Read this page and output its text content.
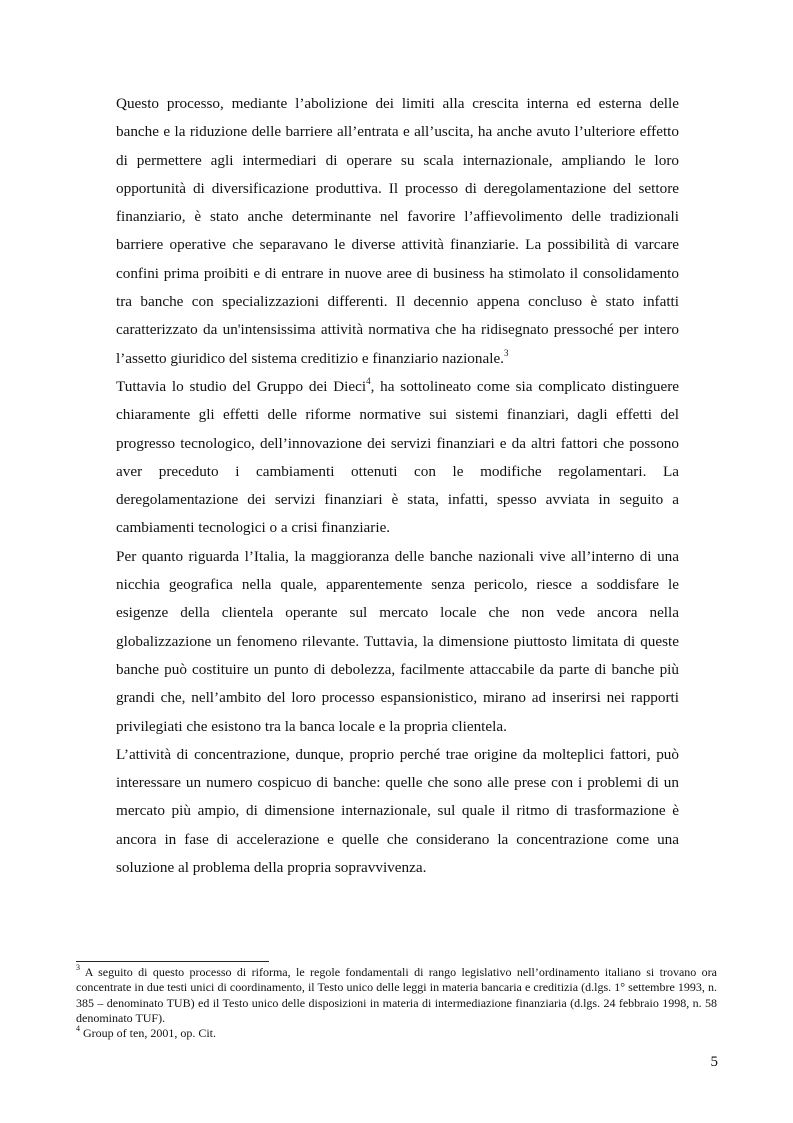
Questo processo, mediante l’abolizione dei limiti alla crescita interna ed esterna delle banche e la riduzione delle barriere all’entrata e all’uscita, ha anche avuto l’ulteriore effetto di permettere agli intermediari di operare su scala internazionale, ampliando le loro opportunità di diversificazione produttiva. Il processo di deregolamentazione del settore finanziario, è stato anche determinante nel favorire l’affievolimento delle tradizionali barriere operative che separavano le diverse attività finanziarie. La possibilità di varcare confini prima proibiti e di entrare in nuove aree di business ha stimolato il consolidamento tra banche con specializzazioni differenti. Il decennio appena concluso è stato infatti caratterizzato da un'intensissima attività normativa che ha ridisegnato pressoché per intero l’assetto giuridico del sistema creditizio e finanziario nazionale.$^3$

Tuttavia lo studio del Gruppo dei Dieci$^4$, ha sottolineato come sia complicato distinguere chiaramente gli effetti delle riforme normative sui sistemi finanziari, dagli effetti del progresso tecnologico, dell’innovazione dei servizi finanziari e da altri fattori che possono aver preceduto i cambiamenti ottenuti con le modifiche regolamentari. La deregolamentazione dei servizi finanziari è stata, infatti, spesso avviata in seguito a cambiamenti tecnologici o a crisi finanziarie.

Per quanto riguarda l’Italia, la maggioranza delle banche nazionali vive all’interno di una nicchia geografica nella quale, apparentemente senza pericolo, riesce a soddisfare le esigenze della clientela operante sul mercato locale che non vede ancora nella globalizzazione un fenomeno rilevante. Tuttavia, la dimensione piuttosto limitata di queste banche può costituire un punto di debolezza, facilmente attaccabile da parte di banche più grandi che, nell’ambito del loro processo espansionistico, mirano ad inserirsi nei rapporti privilegiati che esistono tra la banca locale e la propria clientela.

L’attività di concentrazione, dunque, proprio perché trae origine da molteplici fattori, può interessare un numero cospicuo di banche: quelle che sono alle prese con i problemi di un mercato più ampio, di dimensione internazionale, sul quale il ritmo di trasformazione è ancora in fase di accelerazione e quelle che considerano la concentrazione come una soluzione al problema della propria sopravvivenza.

$^3$ A seguito di questo processo di riforma, le regole fondamentali di rango legislativo nell’ordinamento italiano si trovano ora concentrate in due testi unici di coordinamento, il Testo unico delle leggi in materia bancaria e creditizia (d.lgs. 1° settembre 1993, n. 385 – denominato TUB) ed il Testo unico delle disposizioni in materia di intermediazione finanziaria (d.lgs. 24 febbraio 1998, n. 58 denominato TUF).

$^4$ Group of ten, 2001, op. Cit.

5
